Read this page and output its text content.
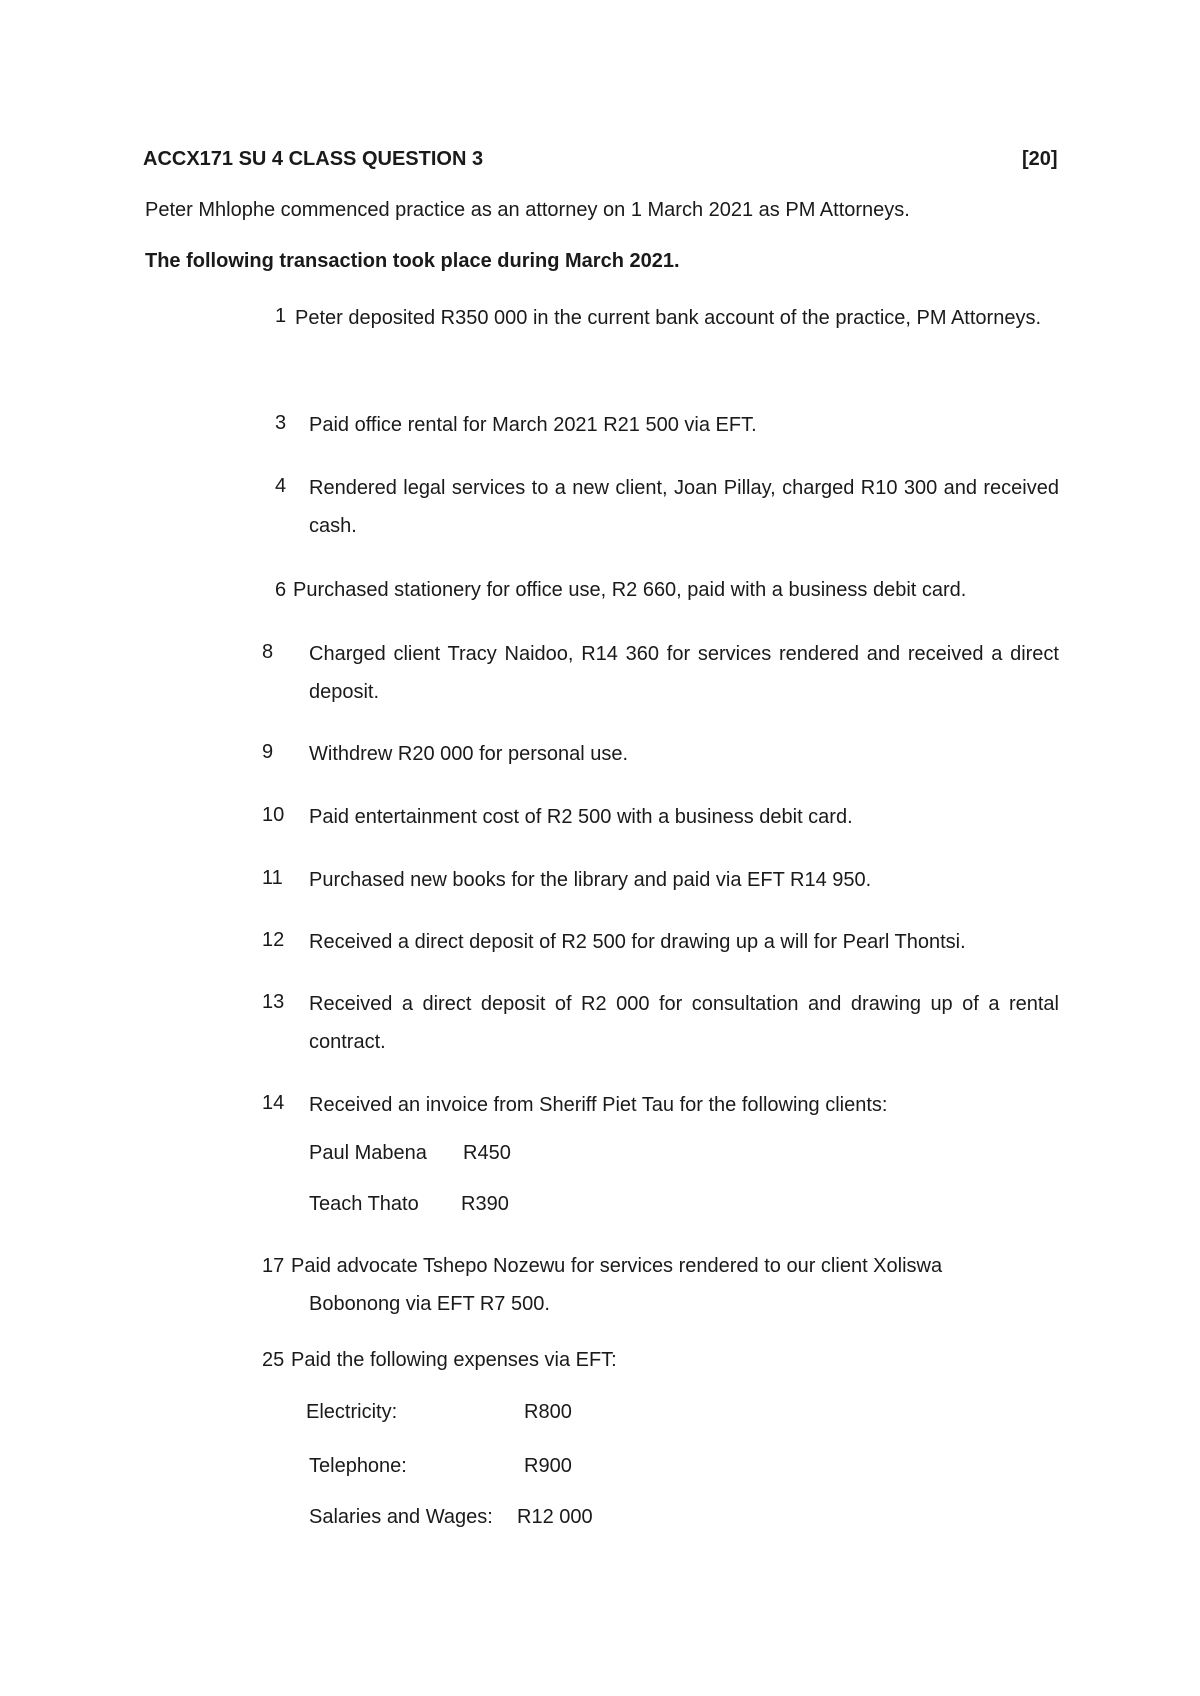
ACCX171 SU 4 CLASS QUESTION 3	[20]
Peter Mhlophe commenced practice as an attorney on 1 March 2021 as PM Attorneys.
The following transaction took place during March 2021.
1 Peter deposited R350 000 in the current bank account of the practice, PM Attorneys.
3 Paid office rental for March 2021 R21 500 via EFT.
4 Rendered legal services to a new client, Joan Pillay, charged R10 300 and received cash.
6 Purchased stationery for office use, R2 660, paid with a business debit card.
8 Charged client Tracy Naidoo, R14 360 for services rendered and received a direct deposit.
9 Withdrew R20 000 for personal use.
10 Paid entertainment cost of R2 500 with a business debit card.
11 Purchased new books for the library and paid via EFT R14 950.
12 Received a direct deposit of R2 500 for drawing up a will for Pearl Thontsi.
13 Received a direct deposit of R2 000 for consultation and drawing up of a rental contract.
14 Received an invoice from Sheriff Piet Tau for the following clients:
Paul Mabena R450
Teach Thato R390
17 Paid advocate Tshepo Nozewu for services rendered to our client Xoliswa
Bobonong via EFT R7 500.
25 Paid the following expenses via EFT:
Electricity:	R800
Telephone:	R900
Salaries and Wages: R12 000
